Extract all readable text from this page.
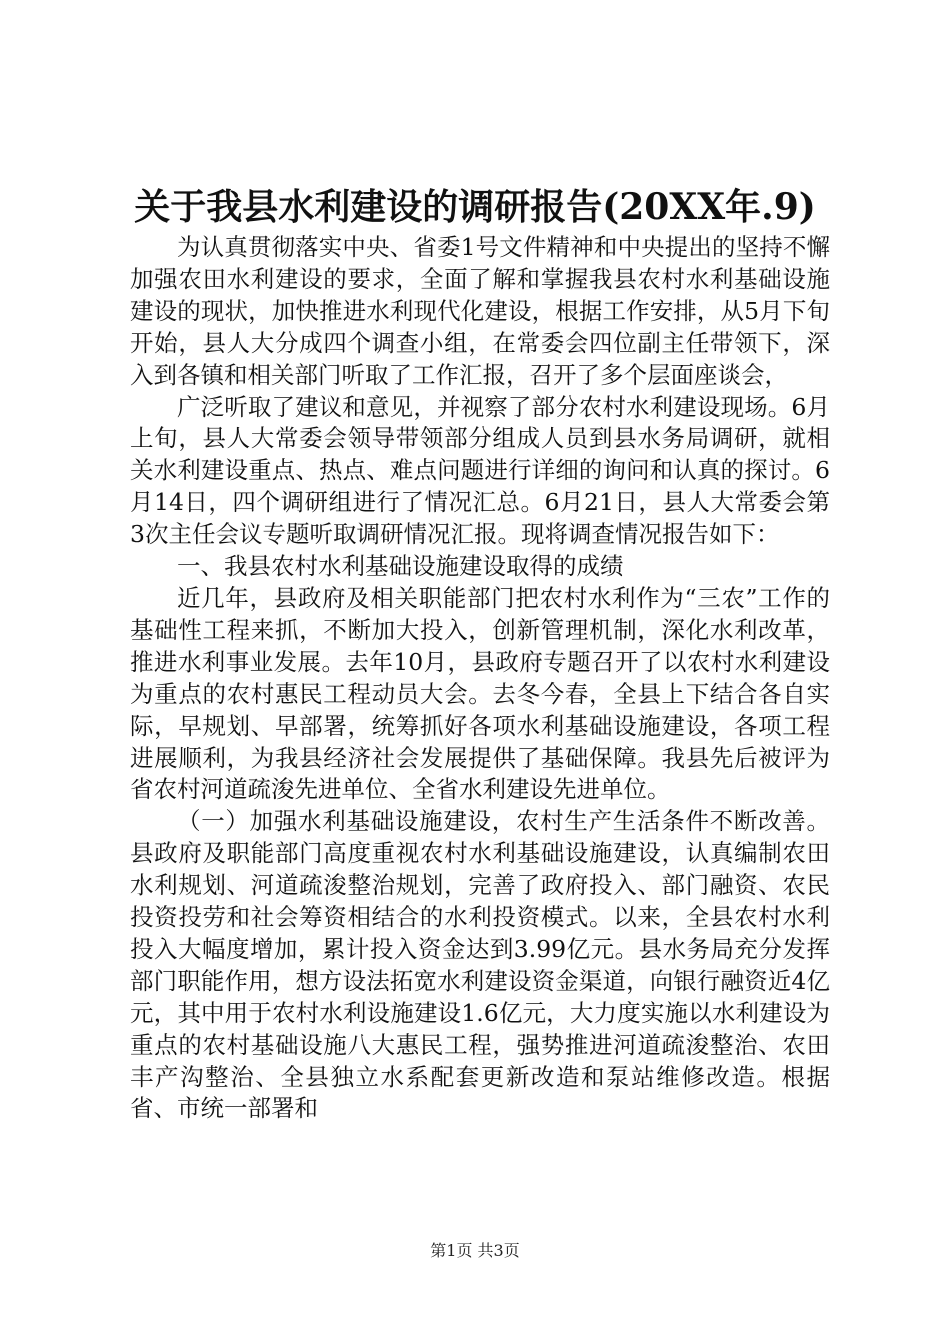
关于我县水利建设的调研报告(20XX年.9)

为认真贯彻落实中央、省委1号文件精神和中央提出的坚持不懈加强农田水利建设的要求，全面了解和掌握我县农村水利基础设施建设的现状，加快推进水利现代化建设，根据工作安排，从5月下旬开始，县人大分成四个调查小组，在常委会四位副主任带领下，深入到各镇和相关部门听取了工作汇报，召开了多个层面座谈会，

广泛听取了建议和意见，并视察了部分农村水利建设现场。6月上旬，县人大常委会领导带领部分组成人员到县水务局调研，就相关水利建设重点、热点、难点问题进行详细的询问和认真的探讨。6月14日，四个调研组进行了情况汇总。6月21日，县人大常委会第3次主任会议专题听取调研情况汇报。现将调查情况报告如下：

一、我县农村水利基础设施建设取得的成绩

近几年，县政府及相关职能部门把农村水利作为“三农”工作的基础性工程来抓，不断加大投入，创新管理机制，深化水利改革，推进水利事业发展。去年10月，县政府专题召开了以农村水利建设为重点的农村惠民工程动员大会。去冬今春，全县上下结合各自实际，早规划、早部署，统筹抓好各项水利基础设施建设，各项工程进展顺利，为我县经济社会发展提供了基础保障。我县先后被评为省农村河道疏浚先进单位、全省水利建设先进单位。

（一）加强水利基础设施建设，农村生产生活条件不断改善。县政府及职能部门高度重视农村水利基础设施建设，认真编制农田水利规划、河道疏浚整治规划，完善了政府投入、部门融资、农民投资投劳和社会筹资相结合的水利投资模式。以来，全县农村水利投入大幅度增加，累计投入资金达到3.99亿元。县水务局充分发挥部门职能作用，想方设法拓宽水利建设资金渠道，向银行融资近4亿元，其中用于农村水利设施建设1.6亿元，大力度实施以水利建设为重点的农村基础设施八大惠民工程，强势推进河道疏浚整治、农田丰产沟整治、全县独立水系配套更新改造和泵站维修改造。根据省、市统一部署和

第1页 共3页
